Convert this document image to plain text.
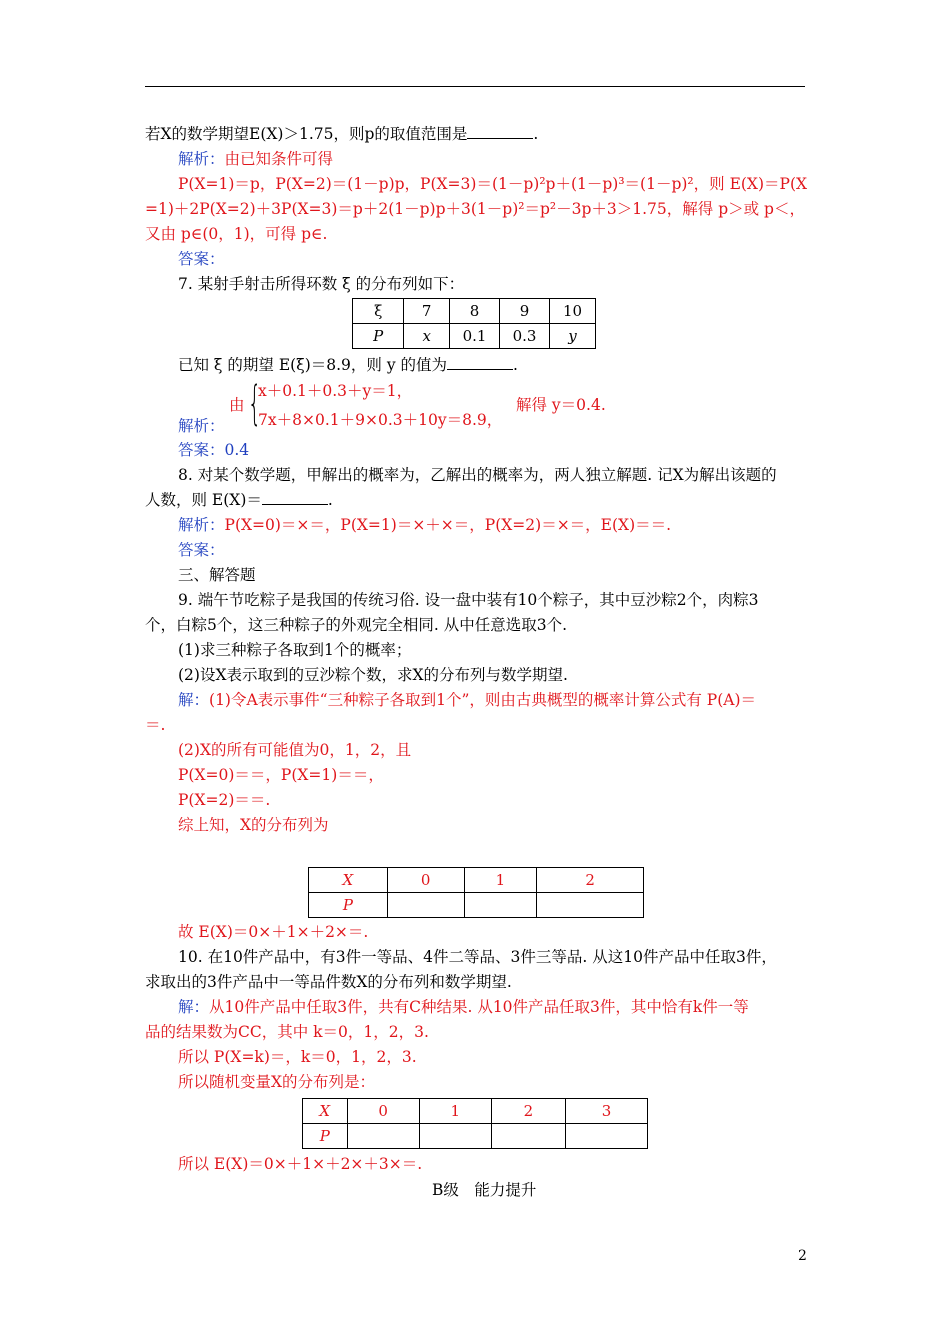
若X的数学期望E(X)＞1.75，则p的取值范围是	.
解析：由已知条件可得
P(X=1)＝p，P(X=2)＝(1－p)p，P(X=3)＝(1－p)²p＋(1－p)³＝(1－p)²，则 E(X)＝P(X
=1)＋2P(X=2)＋3P(X=3)＝p＋2(1－p)p＋3(1－p)²＝p²－3p＋3＞1.75，解得 p＞或 p＜，
又由 p∈(0，1)，可得 p∈.
答案：
7. 某射手射击所得环数 ξ 的分布列如下：
ξ	7	8	9	10
P	x	0.1	0.3	y
已知 ξ 的期望 E(ξ)＝8.9，则 y 的值为	.
由 {
x＋0.1＋0.3＋y＝1，
7x＋8×0.1＋9×0.3＋10y＝8.9，
解得 y＝0.4.
解析：
答案：0.4
8. 对某个数学题，甲解出的概率为，乙解出的概率为，两人独立解题. 记X为解出该题的
人数，则 E(X)＝	.
解析：P(X=0)＝×＝，P(X=1)＝×＋×＝，P(X=2)＝×＝，E(X)＝＝.
答案：
三、解答题
9. 端午节吃粽子是我国的传统习俗. 设一盘中装有10个粽子，其中豆沙粽2个，肉粽3
个，白粽5个，这三种粽子的外观完全相同. 从中任意选取3个.
(1)求三种粽子各取到1个的概率；
(2)设X表示取到的豆沙粽个数，求X的分布列与数学期望.
解：(1)令A表示事件“三种粽子各取到1个”，则由古典概型的概率计算公式有 P(A)＝
＝.
(2)X的所有可能值为0，1，2，且
P(X=0)＝＝，P(X=1)＝＝，
P(X=2)＝＝.
综上知，X的分布列为
X	0	1	2
P			
故 E(X)＝0×＋1×＋2×＝.
10. 在10件产品中，有3件一等品、4件二等品、3件三等品. 从这10件产品中任取3件，
求取出的3件产品中一等品件数X的分布列和数学期望.
解：从10件产品中任取3件，共有C种结果. 从10件产品任取3件，其中恰有k件一等
品的结果数为CC，其中 k＝0，1，2，3.
所以 P(X=k)＝，k＝0，1，2，3.
所以随机变量X的分布列是：
X	0	1	2	3
P				
所以 E(X)＝0×＋1×＋2×＋3×＝.
B级　能力提升
2
